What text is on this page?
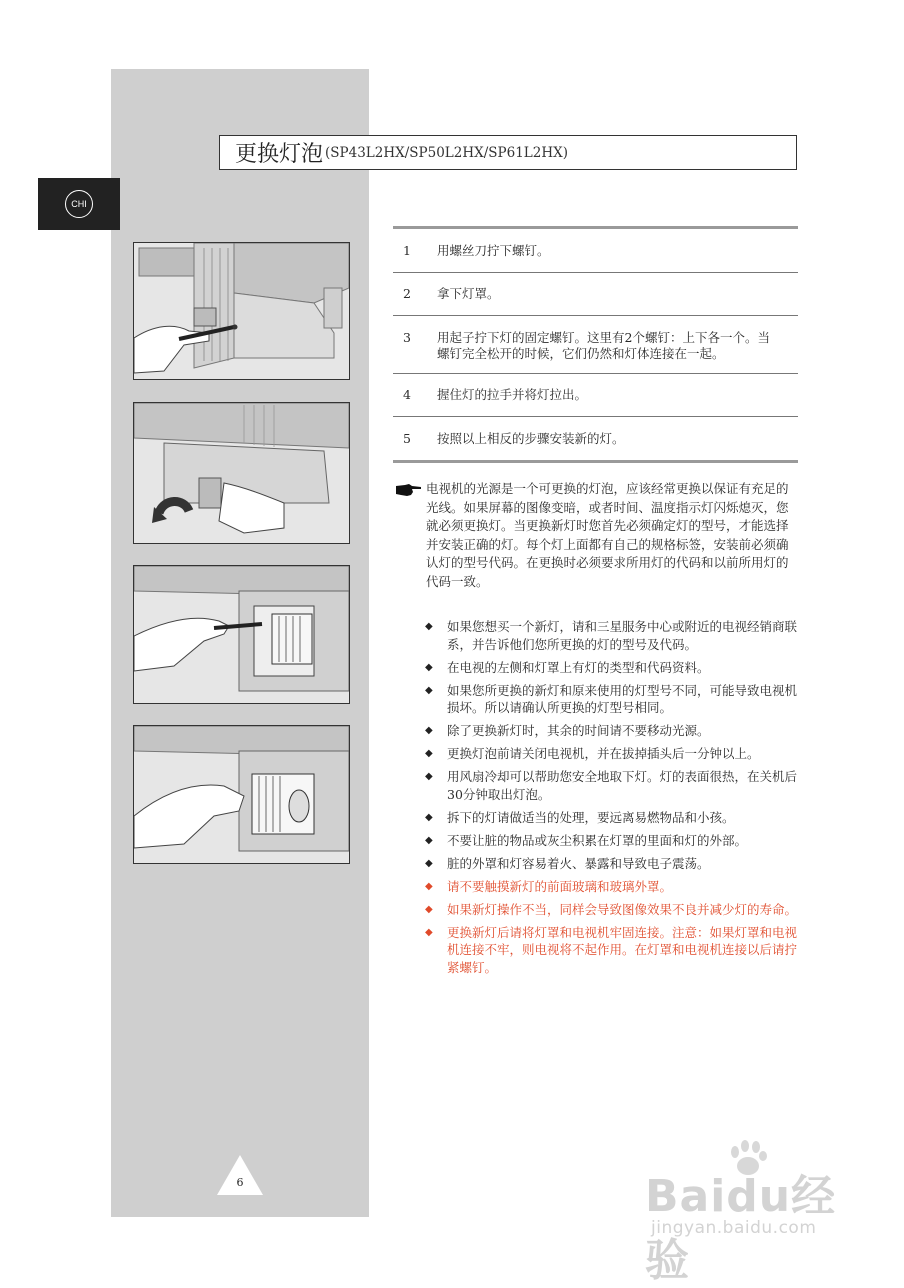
CHI
更换灯泡 (SP43L2HX/SP50L2HX/SP61L2HX)
1	用螺丝刀拧下螺钉。
2	拿下灯罩。
3	用起子拧下灯的固定螺钉。这里有2个螺钉：上下各一个。当螺钉完全松开的时候，它们仍然和灯体连接在一起。
4	握住灯的拉手并将灯拉出。
5	按照以上相反的步骤安装新的灯。
电视机的光源是一个可更换的灯泡，应该经常更换以保证有充足的光线。如果屏幕的图像变暗，或者时间、温度指示灯闪烁熄灭，您就必须更换灯。当更换新灯时您首先必须确定灯的型号，才能选择并安装正确的灯。每个灯上面都有自己的规格标签，安装前必须确认灯的型号代码。在更换时必须要求所用灯的代码和以前所用灯的代码一致。
◆	如果您想买一个新灯，请和三星服务中心或附近的电视经销商联系，并告诉他们您所更换的灯的型号及代码。
◆	在电视的左侧和灯罩上有灯的类型和代码资料。
◆	如果您所更换的新灯和原来使用的灯型号不同，可能导致电视机损坏。所以请确认所更换的灯型号相同。
◆	除了更换新灯时，其余的时间请不要移动光源。
◆	更换灯泡前请关闭电视机，并在拔掉插头后一分钟以上。
◆	用风扇冷却可以帮助您安全地取下灯。灯的表面很热，在关机后30分钟取出灯泡。
◆	拆下的灯请做适当的处理，要远离易燃物品和小孩。
◆	不要让脏的物品或灰尘积累在灯罩的里面和灯的外部。
◆	脏的外罩和灯容易着火、暴露和导致电子震荡。
◆	请不要触摸新灯的前面玻璃和玻璃外罩。
◆	如果新灯操作不当，同样会导致图像效果不良并减少灯的寿命。
◆	更换新灯后请将灯罩和电视机牢固连接。注意：如果灯罩和电视机连接不牢，则电视将不起作用。在灯罩和电视机连接以后请拧紧螺钉。
6	Baidu经验
jingyan.baidu.com
